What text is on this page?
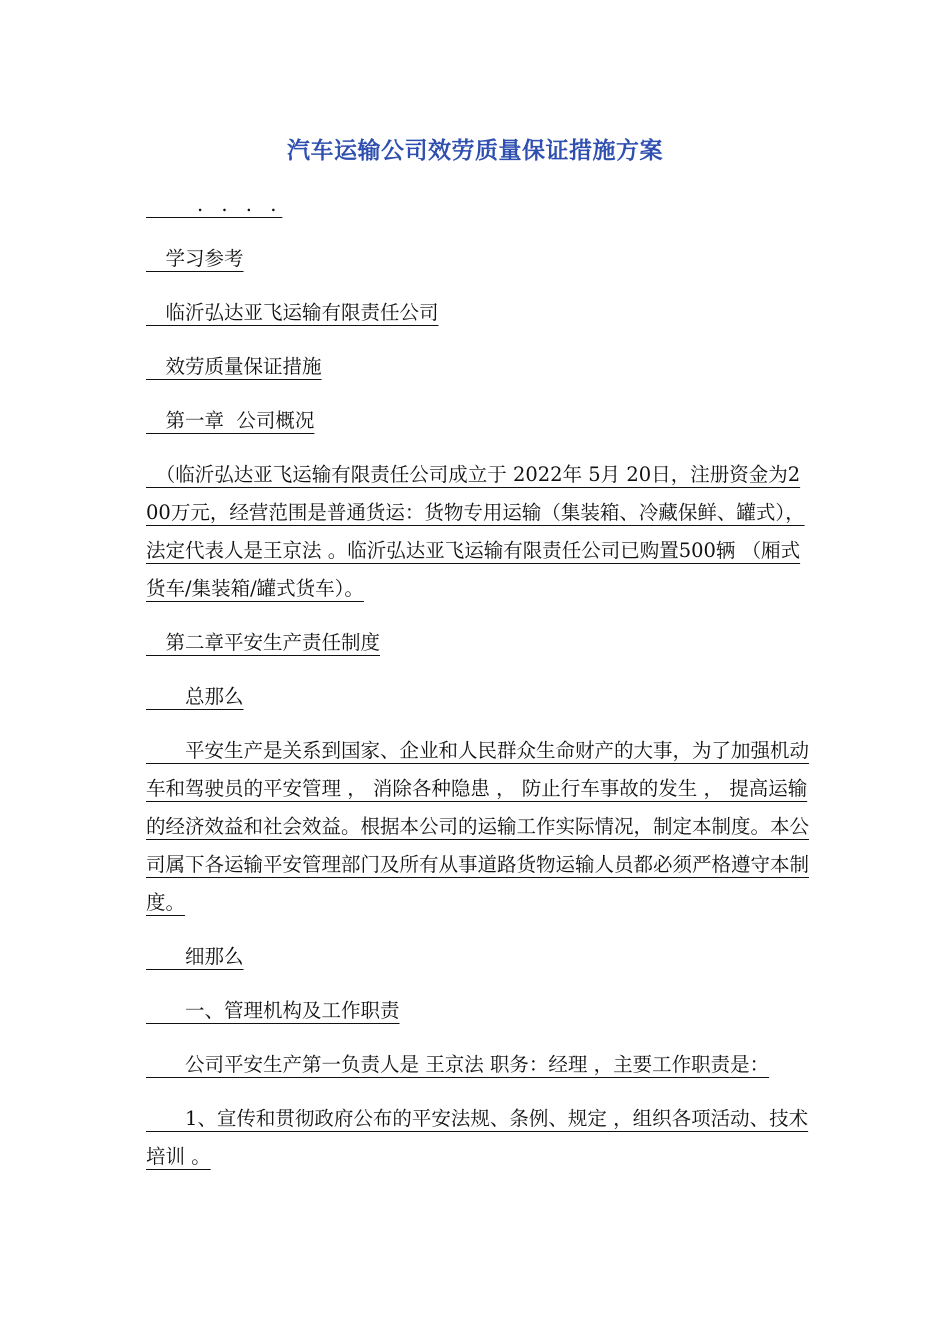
汽车运输公司效劳质量保证措施方案

　　. . . .

　学习参考

　临沂弘达亚飞运输有限责任公司

　效劳质量保证措施

　第一章  公司概况

　（临沂弘达亚飞运输有限责任公司成立于 2022年 5月 20日，注册资金为200万元，经营范围是普通货运：货物专用运输（集装箱、冷藏保鲜、罐式），法定代表人是王京法 。临沂弘达亚飞运输有限责任公司已购置500辆 （厢式货车/集装箱/罐式货车）。

　第二章平安生产责任制度

　　总那么

　　平安生产是关系到国家、企业和人民群众生命财产的大事，为了加强机动车和驾驶员的平安管理 ， 消除各种隐患 ， 防止行车事故的发生 ， 提高运输的经济效益和社会效益。根据本公司的运输工作实际情况，制定本制度。本公司属下各运输平安管理部门及所有从事道路货物运输人员都必须严格遵守本制度。

　　细那么

　　一、管理机构及工作职责

　　公司平安生产第一负责人是 王京法 职务：经理 ，主要工作职责是：

　　1、宣传和贯彻政府公布的平安法规、条例、规定 ，组织各项活动、技术培训 。
